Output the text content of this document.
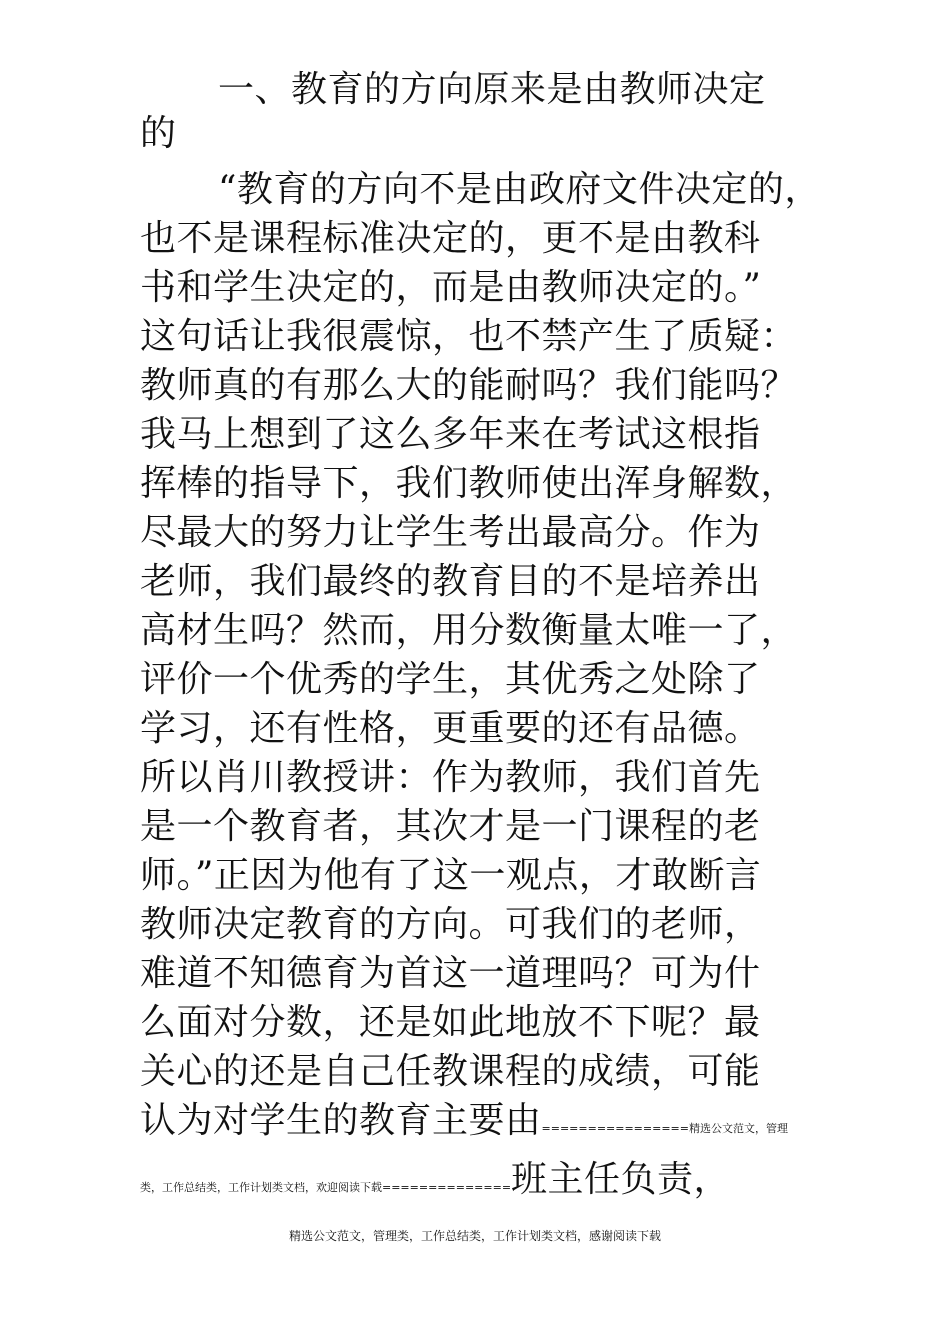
一、教育的方向原来是由教师决定
的
“教育的方向不是由政府文件决定的，
也不是课程标准决定的，更不是由教科
书和学生决定的，而是由教师决定的。”
这句话让我很震惊，也不禁产生了质疑：
教师真的有那么大的能耐吗？我们能吗？
我马上想到了这么多年来在考试这根指
挥棒的指导下，我们教师使出浑身解数，
尽最大的努力让学生考出最高分。作为
老师，我们最终的教育目的不是培养出
高材生吗？然而，用分数衡量太唯一了，
评价一个优秀的学生，其优秀之处除了
学习，还有性格，更重要的还有品德。
所以肖川教授讲：作为教师，我们首先
是一个教育者，其次才是一门课程的老
师。”正因为他有了这一观点，才敢断言
教师决定教育的方向。可我们的老师，
难道不知德育为首这一道理吗？可为什
么面对分数，还是如此地放不下呢？最
关心的还是自己任教课程的成绩，可能
认为对学生的教育主要由================精选公文范文，管理
类，工作总结类，工作计划类文档，欢迎阅读下载==============班主任负责，
精选公文范文，管理类，工作总结类，工作计划类文档，感谢阅读下载
